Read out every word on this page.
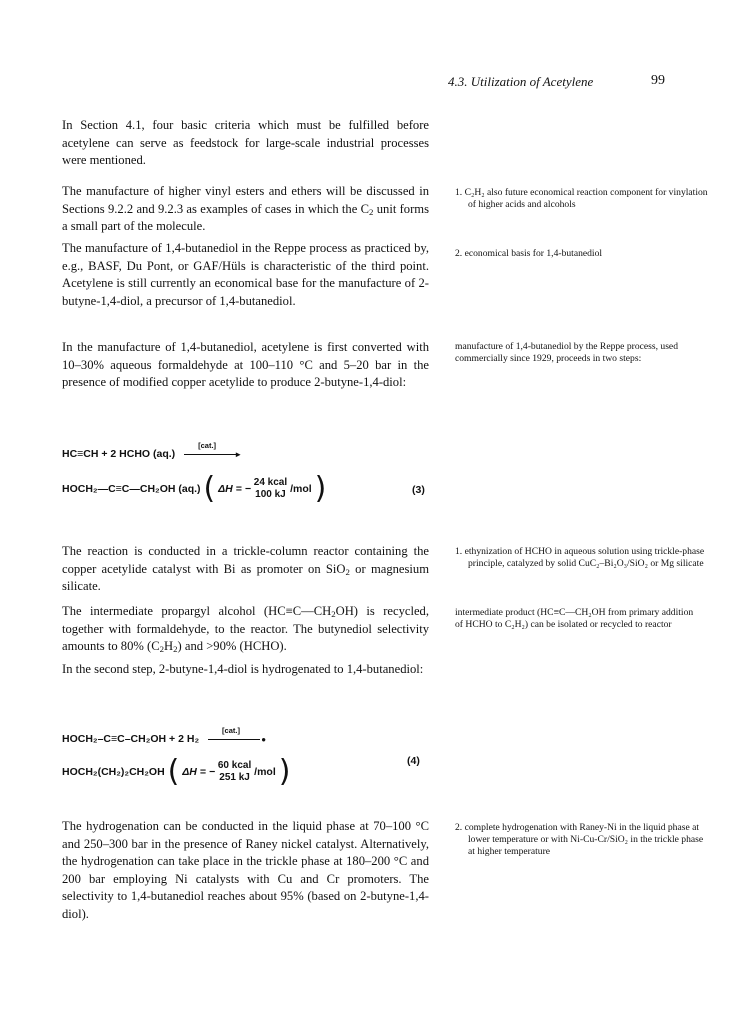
4.3. Utilization of Acetylene	99

In Section 4.1, four basic criteria which must be fulfilled before acetylene can serve as feedstock for large-scale industrial processes were mentioned.

The manufacture of higher vinyl esters and ethers will be discussed in Sections 9.2.2 and 9.2.3 as examples of cases in which the $C_2$ unit forms a small part of the molecule.

The manufacture of 1,4-butanediol in the Reppe process as practiced by, e.g., BASF, Du Pont, or GAF/Hüls is characteristic of the third point. Acetylene is still currently an economical base for the manufacture of 2-butyne-1,4-diol, a precursor of 1,4-butanediol.

In the manufacture of 1,4-butanediol, acetylene is first converted with 10–30% aqueous formaldehyde at 100–110 °C and 5–20 bar in the presence of modified copper acetylide to produce 2-butyne-1,4-diol:

HC≡CH + 2 HCHO (aq.)
[cat.]
►
HOCH₂—C≡C—CH₂OH (aq.) ( ΔH = −
24 kcal
100 kJ /mol )	(3)

The reaction is conducted in a trickle-column reactor containing the copper acetylide catalyst with Bi as promoter on SiO$_2$ or magnesium silicate.

The intermediate propargyl alcohol $(HC\equiv C—CH_2OH)$ is recycled, together with formaldehyde, to the reactor. The butynediol selectivity amounts to 80% $(C_2H_2)$ and >90% (HCHO).

In the second step, 2-butyne-1,4-diol is hydrogenated to 1,4-butanediol:

HOCH₂–C≡C–CH₂OH + 2 H₂
[cat.]
●
HOCH₂(CH₂)₂CH₂OH ( ΔH = −
60 kcal
251 kJ /mol )	(4)

The hydrogenation can be conducted in the liquid phase at 70–100 °C and 250–300 bar in the presence of Raney nickel catalyst. Alternatively, the hydrogenation can take place in the trickle phase at 180–200 °C and 200 bar employing Ni catalysts with Cu and Cr promoters. The selectivity to 1,4-butanediol reaches about 95% (based on 2-butyne-1,4-diol).

1. C₂H₂ also future economical reaction component for vinylation of higher acids and alcohols
2. economical basis for 1,4-butanediol
manufacture of 1,4-butanediol by the Reppe process, used commercially since 1929, proceeds in two steps:
1. ethynization of HCHO in aqueous solution using trickle-phase principle, catalyzed by solid CuC₂–Bi₂O₃/SiO₂ or Mg silicate
intermediate product (HC≡C—CH₂OH from primary addition of HCHO to C₂H₂) can be isolated or recycled to reactor
2. complete hydrogenation with Raney-Ni in the liquid phase at lower temperature or with Ni-Cu-Cr/SiO₂ in the trickle phase at higher temperature
